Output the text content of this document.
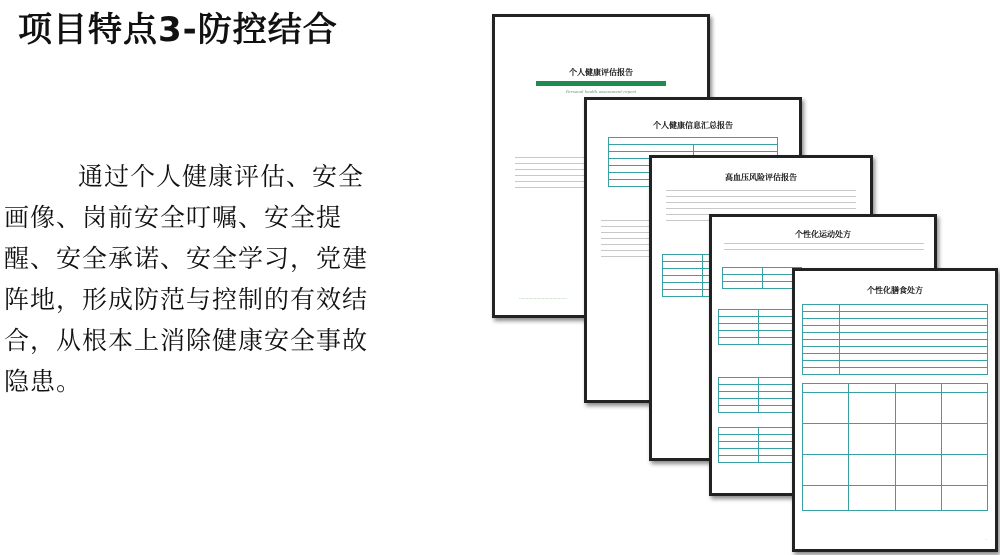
项目特点3-防控结合
通过个人健康评估、安全画像、岗前安全叮嘱、安全提醒、安全承诺、安全学习，党建阵地，形成防范与控制的有效结合，从根本上消除健康安全事故隐患。
个人健康评估报告
Personal health assessment report
………………………………
个人健康信息汇总报告

高血压风险评估报告

个性化运动处方

个性化膳食处方

·
